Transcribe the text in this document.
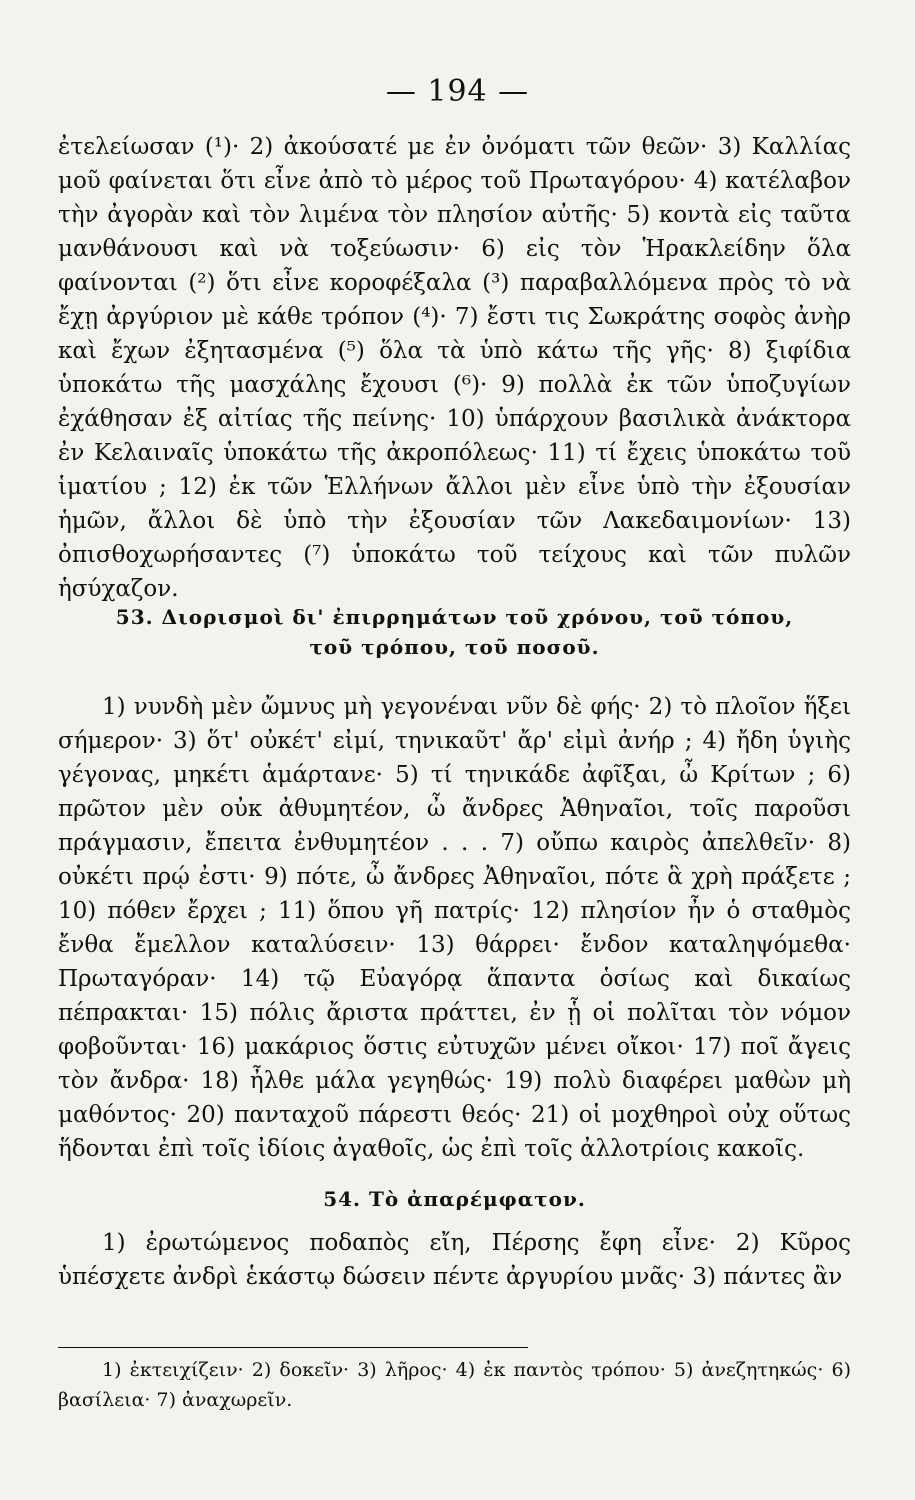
— 194 —

ἐτελείωσαν (¹)· 2) ἀκούσατέ με ἐν ὀνόματι τῶν θεῶν· 3) Καλλίας μοῦ φαίνεται ὅτι εἶνε ἀπὸ τὸ μέρος τοῦ Πρωταγόρου· 4) κατέλαβον τὴν ἀγορὰν καὶ τὸν λιμένα τὸν πλησίον αὐτῆς· 5) κοντὰ εἰς ταῦτα μανθάνουσι καὶ νὰ τοξεύωσιν· 6) εἰς τὸν Ἡρακλείδην ὅλα φαίνονται (²) ὅτι εἶνε κοροφέξαλα (³) παραβαλλόμενα πρὸς τὸ νὰ ἔχῃ ἀργύριον μὲ κάθε τρόπον (⁴)· 7) ἔστι τις Σωκράτης σοφὸς ἀνὴρ καὶ ἔχων ἐξητασμένα (⁵) ὅλα τὰ ὑπὸ κάτω τῆς γῆς· 8) ξιφίδια ὑποκάτω τῆς μασχάλης ἔχουσι (⁶)· 9) πολλὰ ἐκ τῶν ὑποζυγίων ἐχάθησαν ἐξ αἰτίας τῆς πείνης· 10) ὑπάρχουν βασιλικὰ ἀνάκτορα ἐν Κελαιναῖς ὑποκάτω τῆς ἀκροπόλεως· 11) τί ἔχεις ὑποκάτω τοῦ ἱματίου ; 12) ἐκ τῶν Ἑλλήνων ἄλλοι μὲν εἶνε ὑπὸ τὴν ἐξουσίαν ἡμῶν, ἄλλοι δὲ ὑπὸ τὴν ἐξουσίαν τῶν Λακεδαιμονίων· 13) ὀπισθοχωρήσαντες (⁷) ὑποκάτω τοῦ τείχους καὶ τῶν πυλῶν ἡσύχαζον.

53. Διορισμοὶ δι' ἐπιρρημάτων τοῦ χρόνου, τοῦ τόπου,
τοῦ τρόπου, τοῦ ποσοῦ.

1) νυνδὴ μὲν ὤμνυς μὴ γεγονέναι νῦν δὲ φής· 2) τὸ πλοῖον ἥξει σήμερον· 3) ὅτ' οὐκέτ' εἰμί, τηνικαῦτ' ἄρ' εἰμὶ ἀνήρ ; 4) ἤδη ὑγιὴς γέγονας, μηκέτι ἁμάρτανε· 5) τί τηνικάδε ἀφῖξαι, ὦ Κρίτων ; 6) πρῶτον μὲν οὐκ ἀθυμητέον, ὦ ἄνδρες Ἀθηναῖοι, τοῖς παροῦσι πράγμασιν, ἔπειτα ἐνθυμητέον . . . 7) οὔπω καιρὸς ἀπελθεῖν· 8) οὐκέτι πρῴ ἐστι· 9) πότε, ὦ ἄνδρες Ἀθηναῖοι, πότε ἃ χρὴ πράξετε ; 10) πόθεν ἔρχει ; 11) ὅπου γῆ πατρίς· 12) πλησίον ἦν ὁ σταθμὸς ἔνθα ἔμελλον καταλύσειν· 13) θάρρει· ἔνδον καταληψόμεθα· Πρωταγόραν· 14) τῷ Εὐαγόρᾳ ἅπαντα ὁσίως καὶ δικαίως πέπρακται· 15) πόλις ἄριστα πράττει, ἐν ᾗ οἱ πολῖται τὸν νόμον φοβοῦνται· 16) μακάριος ὅστις εὐτυχῶν μένει οἴκοι· 17) ποῖ ἄγεις τὸν ἄνδρα· 18) ἦλθε μάλα γεγηθώς· 19) πολὺ διαφέρει μαθὼν μὴ μαθόντος· 20) πανταχοῦ πάρεστι θεός· 21) οἱ μοχθηροὶ οὐχ οὕτως ἥδονται ἐπὶ τοῖς ἰδίοις ἀγαθοῖς, ὡς ἐπὶ τοῖς ἀλλοτρίοις κακοῖς.

54. Τὸ ἀπαρέμφατον.

1) ἐρωτώμενος ποδαπὸς εἴη, Πέρσης ἔφη εἶνε· 2) Κῦρος ὑπέσχετε ἀνδρὶ ἑκάστῳ δώσειν πέντε ἀργυρίου μνᾶς· 3) πάντες ἂν

1) ἐκτειχίζειν· 2) δοκεῖν· 3) λῆρος· 4) ἐκ παντὸς τρόπου· 5) ἀνεζητηκώς· 6) βασίλεια· 7) ἀναχωρεῖν.
